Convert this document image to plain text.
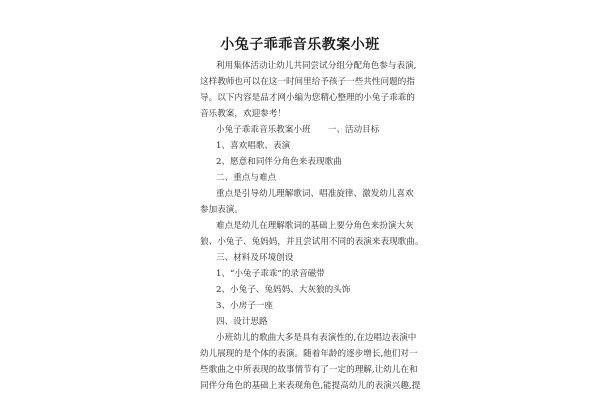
小兔子乖乖音乐教案小班
利用集体活动让幼儿共同尝试分组分配角色参与表演,
这样教师也可以在这一时间里给予孩子一些共性问题的指
导。以下内容是品才网小编为您精心整理的小兔子乖乖的
音乐教案，欢迎参考！
小兔子乖乖音乐教案小班　　一、活动目标
1、喜欢唱歌、表演
2、愿意和同伴分角色来表现歌曲
二、重点与难点
重点是引导幼儿理解歌词、唱准旋律、激发幼儿喜欢
参加表演。
难点是幼儿在理解歌词的基础上要分角色来扮演大灰
狼、小兔子、兔妈妈，并且尝试用不同的表演来表现歌曲。
三、材料及环境创设
1、“小兔子乖乖”的录音磁带
2、小兔子、兔妈妈、大灰狼的头饰
3、小房子一座
四、设计思路
小班幼儿的歌曲大多是具有表演性的,在边唱边表演中
幼儿展现的是个体的表演。随着年龄的逐步增长,他们对一
些歌曲之中所表现的故事情节有了一定的理解,让幼儿在和
同伴分角色的基础上来表现角色,能提高幼儿的表演兴趣,提
